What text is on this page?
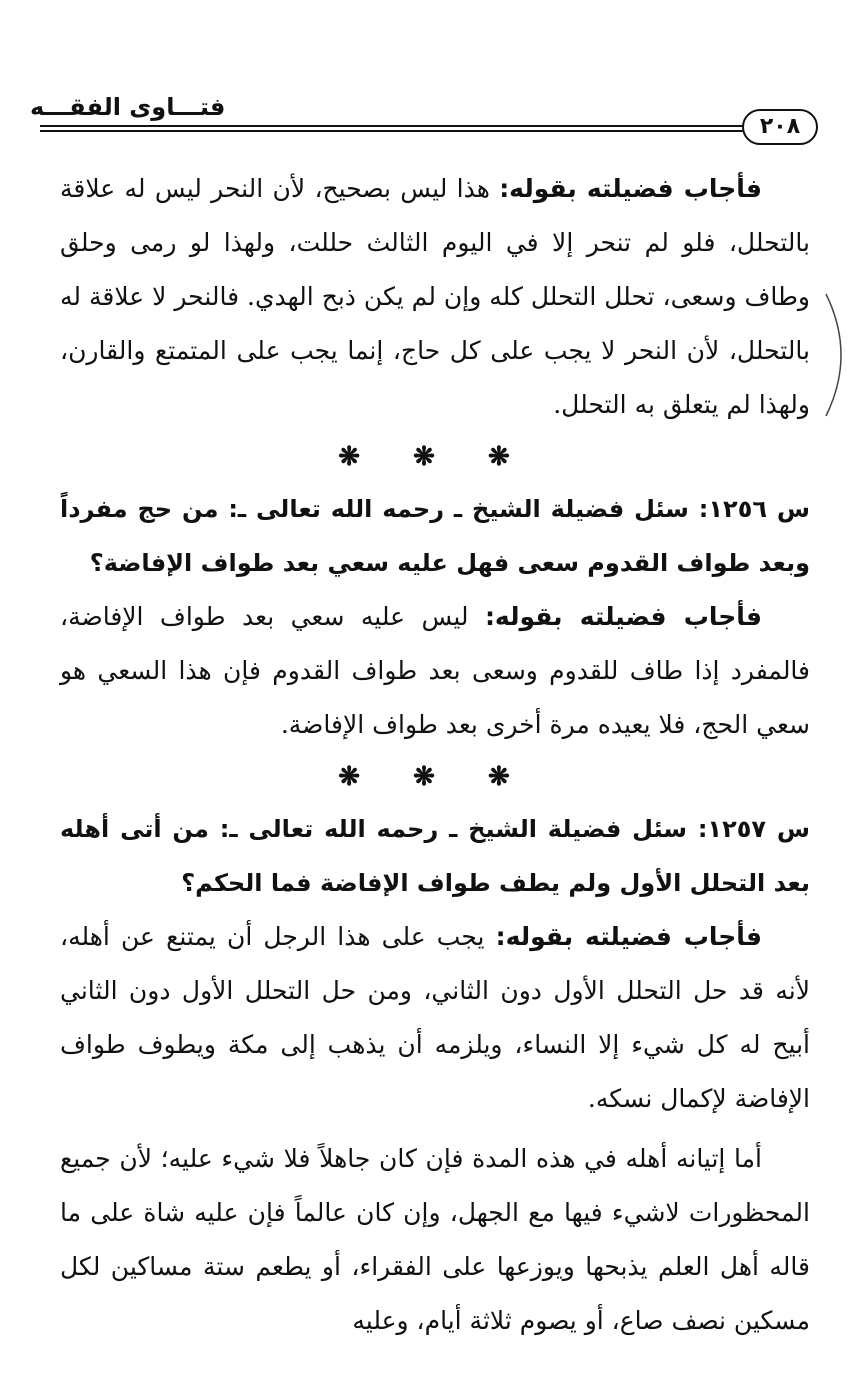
فتـــاوى الفقـــه
٢٠٨

فأجاب فضيلته بقوله: هذا ليس بصحيح، لأن النحر ليس له علاقة بالتحلل، فلو لم تنحر إلا في اليوم الثالث حللت، ولهذا لو رمى وحلق وطاف وسعى، تحلل التحلل كله وإن لم يكن ذبح الهدي. فالنحر لا علاقة له بالتحلل، لأن النحر لا يجب على كل حاج، إنما يجب على المتمتع والقارن، ولهذا لم يتعلق به التحلل.

❋ ❋ ❋

س ١٢٥٦: سئل فضيلة الشيخ ـ رحمه الله تعالى ـ: من حج مفرداً وبعد طواف القدوم سعى فهل عليه سعي بعد طواف الإفاضة؟

فأجاب فضيلته بقوله: ليس عليه سعي بعد طواف الإفاضة، فالمفرد إذا طاف للقدوم وسعى بعد طواف القدوم فإن هذا السعي هو سعي الحج، فلا يعيده مرة أخرى بعد طواف الإفاضة.

❋ ❋ ❋

س ١٢٥٧: سئل فضيلة الشيخ ـ رحمه الله تعالى ـ: من أتى أهله بعد التحلل الأول ولم يطف طواف الإفاضة فما الحكم؟

فأجاب فضيلته بقوله: يجب على هذا الرجل أن يمتنع عن أهله، لأنه قد حل التحلل الأول دون الثاني، ومن حل التحلل الأول دون الثاني أبيح له كل شيء إلا النساء، ويلزمه أن يذهب إلى مكة ويطوف طواف الإفاضة لإكمال نسكه.

أما إتيانه أهله في هذه المدة فإن كان جاهلاً فلا شيء عليه؛ لأن جميع المحظورات لاشيء فيها مع الجهل، وإن كان عالماً فإن عليه شاة على ما قاله أهل العلم يذبحها ويوزعها على الفقراء، أو يطعم ستة مساكين لكل مسكين نصف صاع، أو يصوم ثلاثة أيام، وعليه
